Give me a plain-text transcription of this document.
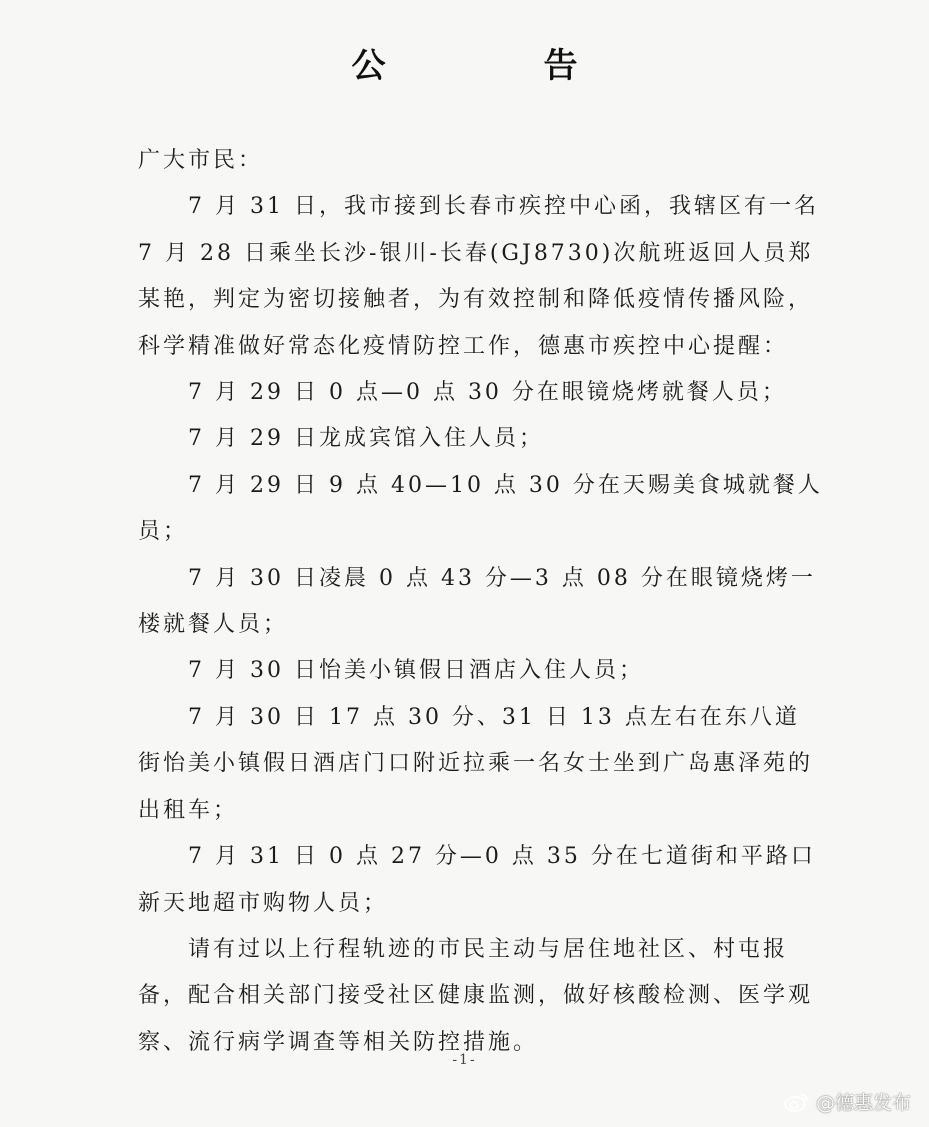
公　告

广大市民：

7 月 31 日，我市接到长春市疾控中心函，我辖区有一名 7 月 28 日乘坐长沙-银川-长春(GJ8730)次航班返回人员郑某艳，判定为密切接触者，为有效控制和降低疫情传播风险，科学精准做好常态化疫情防控工作，德惠市疾控中心提醒：

7 月 29 日 0 点—0 点 30 分在眼镜烧烤就餐人员；

7 月 29 日龙成宾馆入住人员；

7 月 29 日 9 点 40—10 点 30 分在天赐美食城就餐人员；

7 月 30 日凌晨 0 点 43 分—3 点 08 分在眼镜烧烤一楼就餐人员；

7 月 30 日怡美小镇假日酒店入住人员；

7 月 30 日 17 点 30 分、31 日 13 点左右在东八道街怡美小镇假日酒店门口附近拉乘一名女士坐到广岛惠泽苑的出租车；

7 月 31 日 0 点 27 分—0 点 35 分在七道街和平路口新天地超市购物人员；

请有过以上行程轨迹的市民主动与居住地社区、村屯报备，配合相关部门接受社区健康监测，做好核酸检测、医学观察、流行病学调查等相关防控措施。

-1-
@德惠发布
